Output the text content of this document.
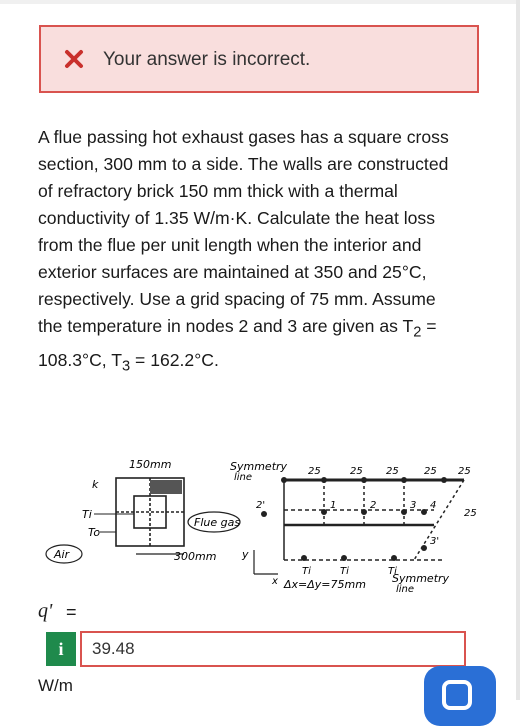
Your answer is incorrect.
A flue passing hot exhaust gases has a square cross
section, 300 mm to a side. The walls are constructed
of refractory brick 150 mm thick with a thermal
conductivity of 1.35 W/m·K. Calculate the heat loss
from the flue per unit length when the interior and
exterior surfaces are maintained at 350 and 25°C,
respectively. Use a grid spacing of 75 mm. Assume
the temperature in nodes 2 and 3 are given as $T_2$ =
108.3°C, $T_3 = 162.2^\circ C$.
150mm
k
Ti
To
Air
Flue gas
300mm
1	2	3 4
2'
3'
Symmetry
line
25	25 25	25 25
25
Ti	Ti	Ti
Δx=Δy=75mm Symmetry
line
y
x
q' =
i
39.48
W/m
